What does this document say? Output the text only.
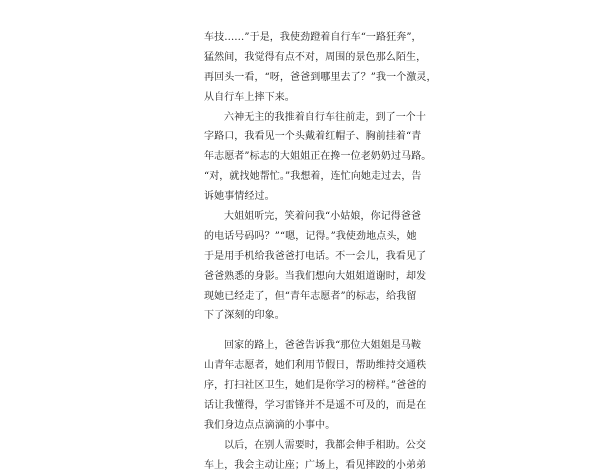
车技……”于是，我使劲蹬着自行车“一路狂奔”，
猛然间，我觉得有点不对，周围的景色那么陌生，
再回头一看，“呀，爸爸到哪里去了？”我一个激灵，
从自行车上摔下来。
六神无主的我推着自行车往前走，到了一个十
字路口，我看见一个头戴着红帽子、胸前挂着“青
年志愿者”标志的大姐姐正在搀一位老奶奶过马路。
“对，就找她帮忙。”我想着，连忙向她走过去，告
诉她事情经过。
大姐姐听完，笑着问我“小姑娘，你记得爸爸
的电话号码吗？”“嗯，记得。”我使劲地点头，她
于是用手机给我爸爸打电话。不一会儿，我看见了
爸爸熟悉的身影。当我们想向大姐姐道谢时，却发
现她已经走了，但“青年志愿者”的标志，给我留
下了深刻的印象。
回家的路上，爸爸告诉我“那位大姐姐是马鞍
山青年志愿者，她们利用节假日，帮助维持交通秩
序，打扫社区卫生，她们是你学习的榜样。”爸爸的
话让我懂得，学习雷锋并不是遥不可及的，而是在
我们身边点点滴滴的小事中。
以后，在别人需要时，我都会伸手相助。公交
车上，我会主动让座；广场上，看见摔跤的小弟弟
